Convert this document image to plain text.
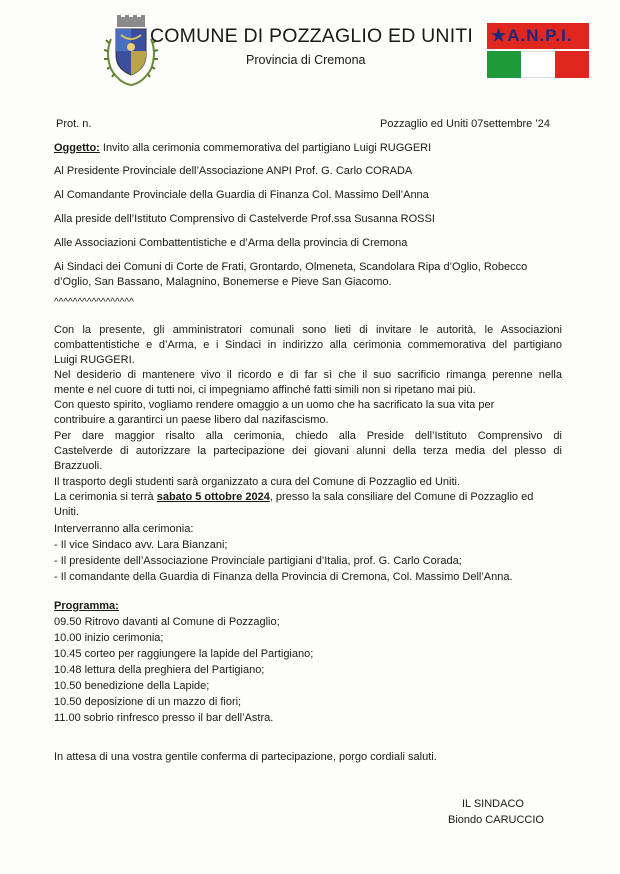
COMUNE DI POZZAGLIO ED UNITI
Provincia di Cremona
★A.N.P.I.
Prot. n.	Pozzaglio ed Uniti 07settembre ’24
Oggetto: Invito alla cerimonia commemorativa del partigiano Luigi RUGGERI
Al Presidente Provinciale dell’Associazione ANPI Prof. G. Carlo CORADA
Al Comandante Provinciale della Guardia di Finanza Col. Massimo Dell’Anna
Alla preside dell’Istituto Comprensivo di Castelverde Prof.ssa Susanna ROSSI
Alle Associazioni Combattentistiche e d’Arma della provincia di Cremona
Ai Sindaci dei Comuni di Corte de Frati, Grontardo, Olmeneta, Scandolara Ripa d’Oglio, Robecco
d’Oglio, San Bassano, Malagnino, Bonemerse e Pieve San Giacomo.
^^^^^^^^^^^^^^^^^
Con la presente, gli amministratori comunali sono lieti di invitare le autorità, le Associazioni
combattentistiche e d’Arma, e i Sindaci in indirizzo alla cerimonia commemorativa del partigiano
Luigi RUGGERI.
Nel desiderio di mantenere vivo il ricordo e di far sì che il suo sacrificio rimanga perenne nella
mente e nel cuore di tutti noi, ci impegniamo affinché fatti simili non si ripetano mai più.
Con questo spirito, vogliamo rendere omaggio a un uomo che ha sacrificato la sua vita per
contribuire a garantirci un paese libero dal nazifascismo.
Per dare maggior risalto alla cerimonia, chiedo alla Preside dell’Istituto Comprensivo di
Castelverde di autorizzare la partecipazione dei giovani alunni della terza media del plesso di
Brazzuoli.
Il trasporto degli studenti sarà organizzato a cura del Comune di Pozzaglio ed Uniti.
La cerimonia si terrà sabato 5 ottobre 2024, presso la sala consiliare del Comune di Pozzaglio ed
Uniti.
Interverranno alla cerimonia:
- Il vice Sindaco avv. Lara Bianzani;
- Il presidente dell’Associazione Provinciale partigiani d’Italia, prof. G. Carlo Corada;
- Il comandante della Guardia di Finanza della Provincia di Cremona, Col. Massimo Dell’Anna.
Programma:
09.50 Ritrovo davanti al Comune di Pozzaglio;
10.00 inizio cerimonia;
10.45 corteo per raggiungere la lapide del Partigiano;
10.48 lettura della preghiera del Partigiano;
10.50 benedizione della Lapide;
10.50 deposizione di un mazzo di fiori;
11.00 sobrio rinfresco presso il bar dell’Astra.
In attesa di una vostra gentile conferma di partecipazione, porgo cordiali saluti.
IL SINDACO
Biondo CARUCCIO
